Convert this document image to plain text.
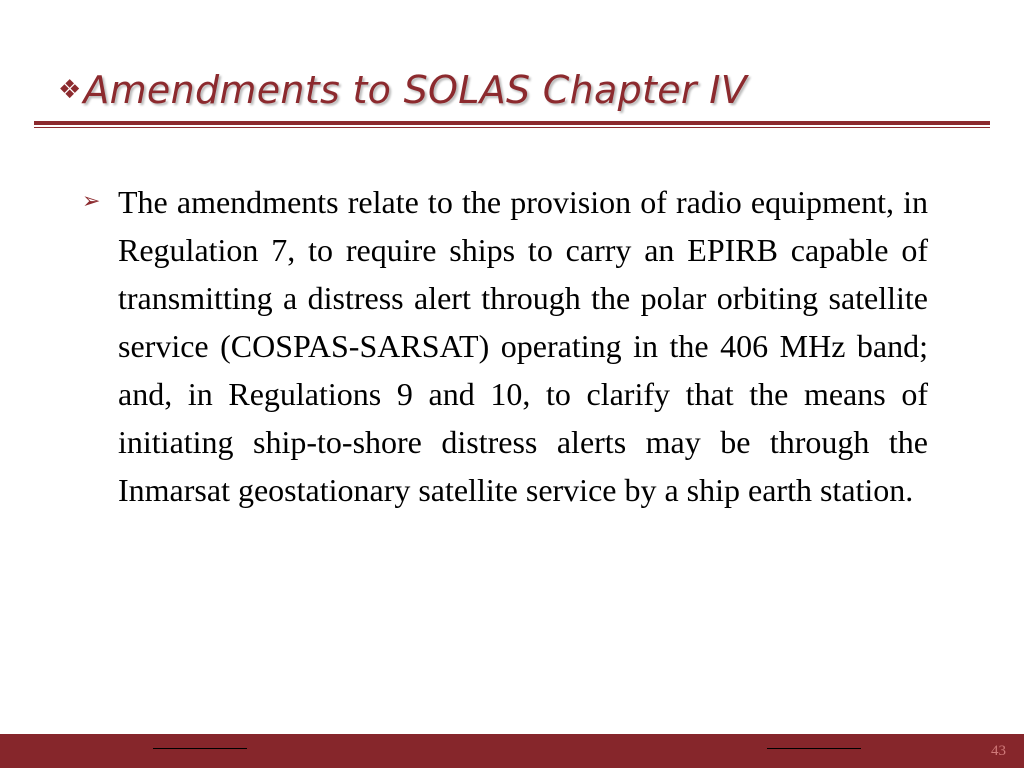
❖ Amendments to SOLAS Chapter IV
➢ The amendments relate to the provision of radio equipment, in Regulation 7, to require ships to carry an EPIRB capable of transmitting a distress alert through the polar orbiting satellite service (COSPAS-SARSAT) operating in the 406 MHz band; and, in Regulations 9 and 10, to clarify that the means of initiating ship-to-shore distress alerts may be through the Inmarsat geostationary satellite service by a ship earth station.

43
